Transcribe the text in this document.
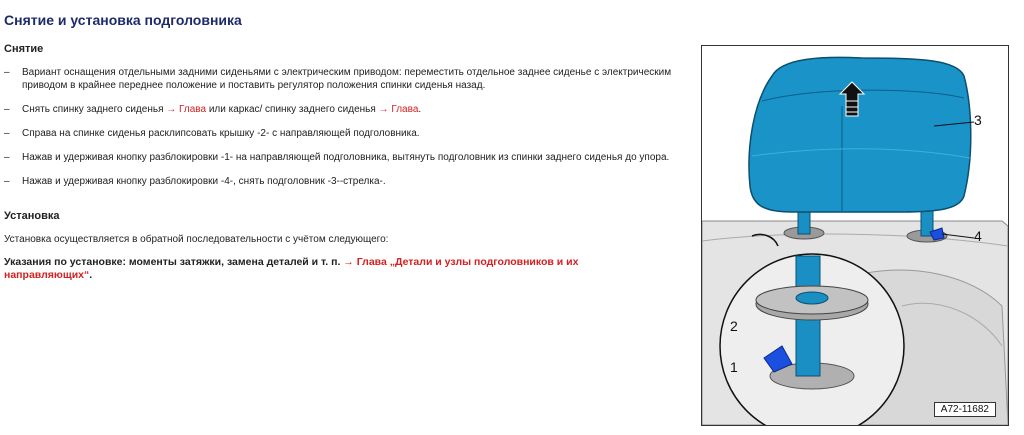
Снятие и установка подголовника
Снятие
– Вариант оснащения отдельными задними сиденьями с электрическим приводом: переместить отдельное заднее сиденье с электрическим приводом в крайнее переднее положение и поставить регулятор положения спинки сиденья назад.
– Снять спинку заднего сиденья → Глава или каркас/ спинку заднего сиденья → Глава.
– Справа на спинке сиденья расклипсовать крышку -2- с направляющей подголовника.
– Нажав и удерживая кнопку разблокировки -1- на направляющей подголовника, вытянуть подголовник из спинки заднего сиденья до упора.
– Нажав и удерживая кнопку разблокировки -4-, снять подголовник -3--стрелка-.
Установка

Установка осуществляется в обратной последовательности с учётом следующего:

Указания по установке: моменты затяжки, замена деталей и т. п. → Глава „Детали и узлы подголовников и их направляющих“.

3
4
2
1
A72-11682
